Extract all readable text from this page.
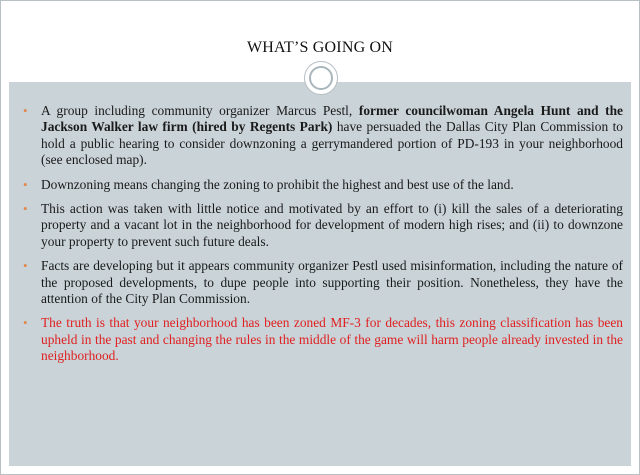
WHAT’S GOING ON
• A group including community organizer Marcus Pestl, former councilwoman Angela Hunt and the Jackson Walker law firm (hired by Regents Park) have persuaded the Dallas City Plan Commission to hold a public hearing to consider downzoning a gerrymandered portion of PD-193 in your neighborhood (see enclosed map).
• Downzoning means changing the zoning to prohibit the highest and best use of the land.
• This action was taken with little notice and motivated by an effort to (i) kill the sales of a deteriorating property and a vacant lot in the neighborhood for development of modern high rises; and (ii) to downzone your property to prevent such future deals.
• Facts are developing but it appears community organizer Pestl used misinformation, including the nature of the proposed developments, to dupe people into supporting their position. Nonetheless, they have the attention of the City Plan Commission.
• The truth is that your neighborhood has been zoned MF-3 for decades, this zoning classification has been upheld in the past and changing the rules in the middle of the game will harm people already invested in the neighborhood.
